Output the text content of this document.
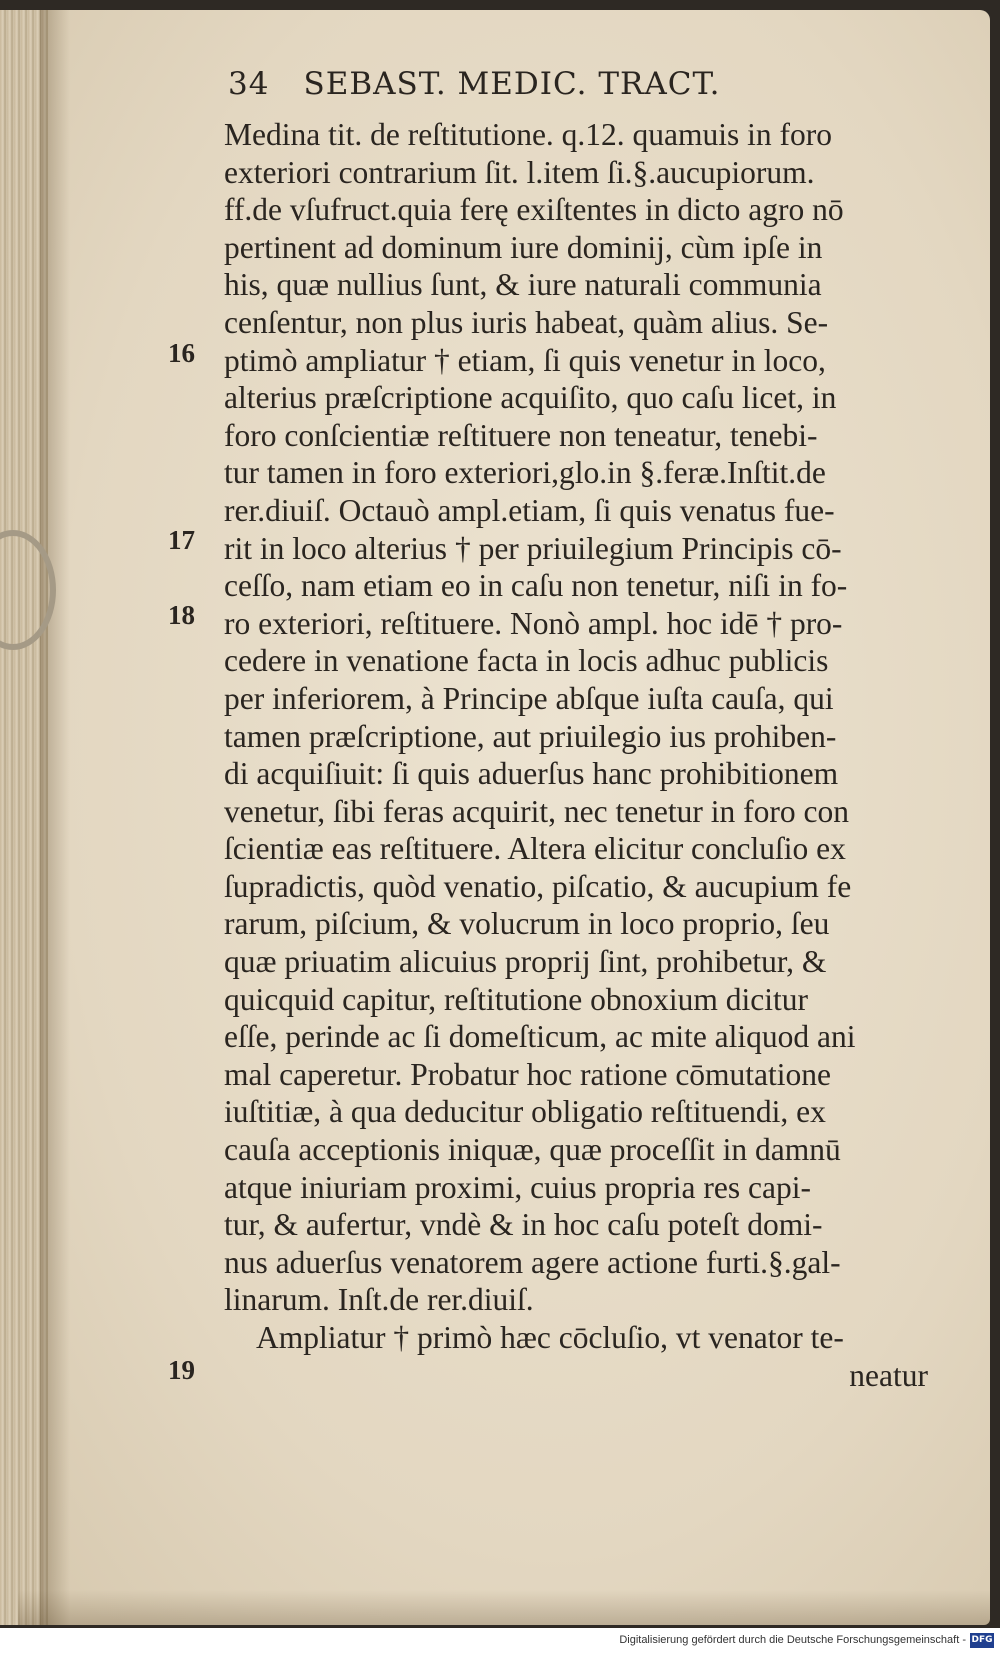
34 SEBAST. MEDIC. TRACT.
16
17
18
19
Medina tit. de reſtitutione. q.12. quamuis in foro
exteriori contrarium ſit. l.item ſi.§.aucupiorum.
ff.de vſufruct.quia ferę exiſtentes in dicto agro nō
pertinent ad dominum iure dominij, cùm ipſe in
his, quæ nullius ſunt, & iure naturali communia
cenſentur, non plus iuris habeat, quàm alius. Se-
ptimò ampliatur † etiam, ſi quis venetur in loco,
alterius præſcriptione acquiſito, quo caſu licet, in
foro conſcientiæ reſtituere non teneatur, tenebi-
tur tamen in foro exteriori,glo.in §.feræ.Inſtit.de
rer.diuiſ. Octauò ampl.etiam, ſi quis venatus fue-
rit in loco alterius † per priuilegium Principis cō-
ceſſo, nam etiam eo in caſu non tenetur, niſi in fo-
ro exteriori, reſtituere. Nonò ampl. hoc idē † pro-
cedere in venatione facta in locis adhuc publicis
per inferiorem, à Principe abſque iuſta cauſa, qui
tamen præſcriptione, aut priuilegio ius prohiben-
di acquiſiuit: ſi quis aduerſus hanc prohibitionem
venetur, ſibi feras acquirit, nec tenetur in foro con
ſcientiæ eas reſtituere. Altera elicitur concluſio ex
ſupradictis, quòd venatio, piſcatio, & aucupium fe
rarum, piſcium, & volucrum in loco proprio, ſeu
quæ priuatim alicuius proprij ſint, prohibetur, &
quicquid capitur, reſtitutione obnoxium dicitur
eſſe, perinde ac ſi domeſticum, ac mite aliquod ani
mal caperetur. Probatur hoc ratione cōmutatione
iuſtitiæ, à qua deducitur obligatio reſtituendi, ex
cauſa acceptionis iniquæ, quæ proceſſit in damnū
atque iniuriam proximi, cuius propria res capi-
tur, & aufertur, vndè & in hoc caſu poteſt domi-
nus aduerſus venatorem agere actione furti.§.gal-
linarum. Inſt.de rer.diuiſ.
Ampliatur † primò hæc cōcluſio, vt venator te-
neatur
Digitalisierung gefördert durch die Deutsche Forschungsgemeinschaft - DFG
